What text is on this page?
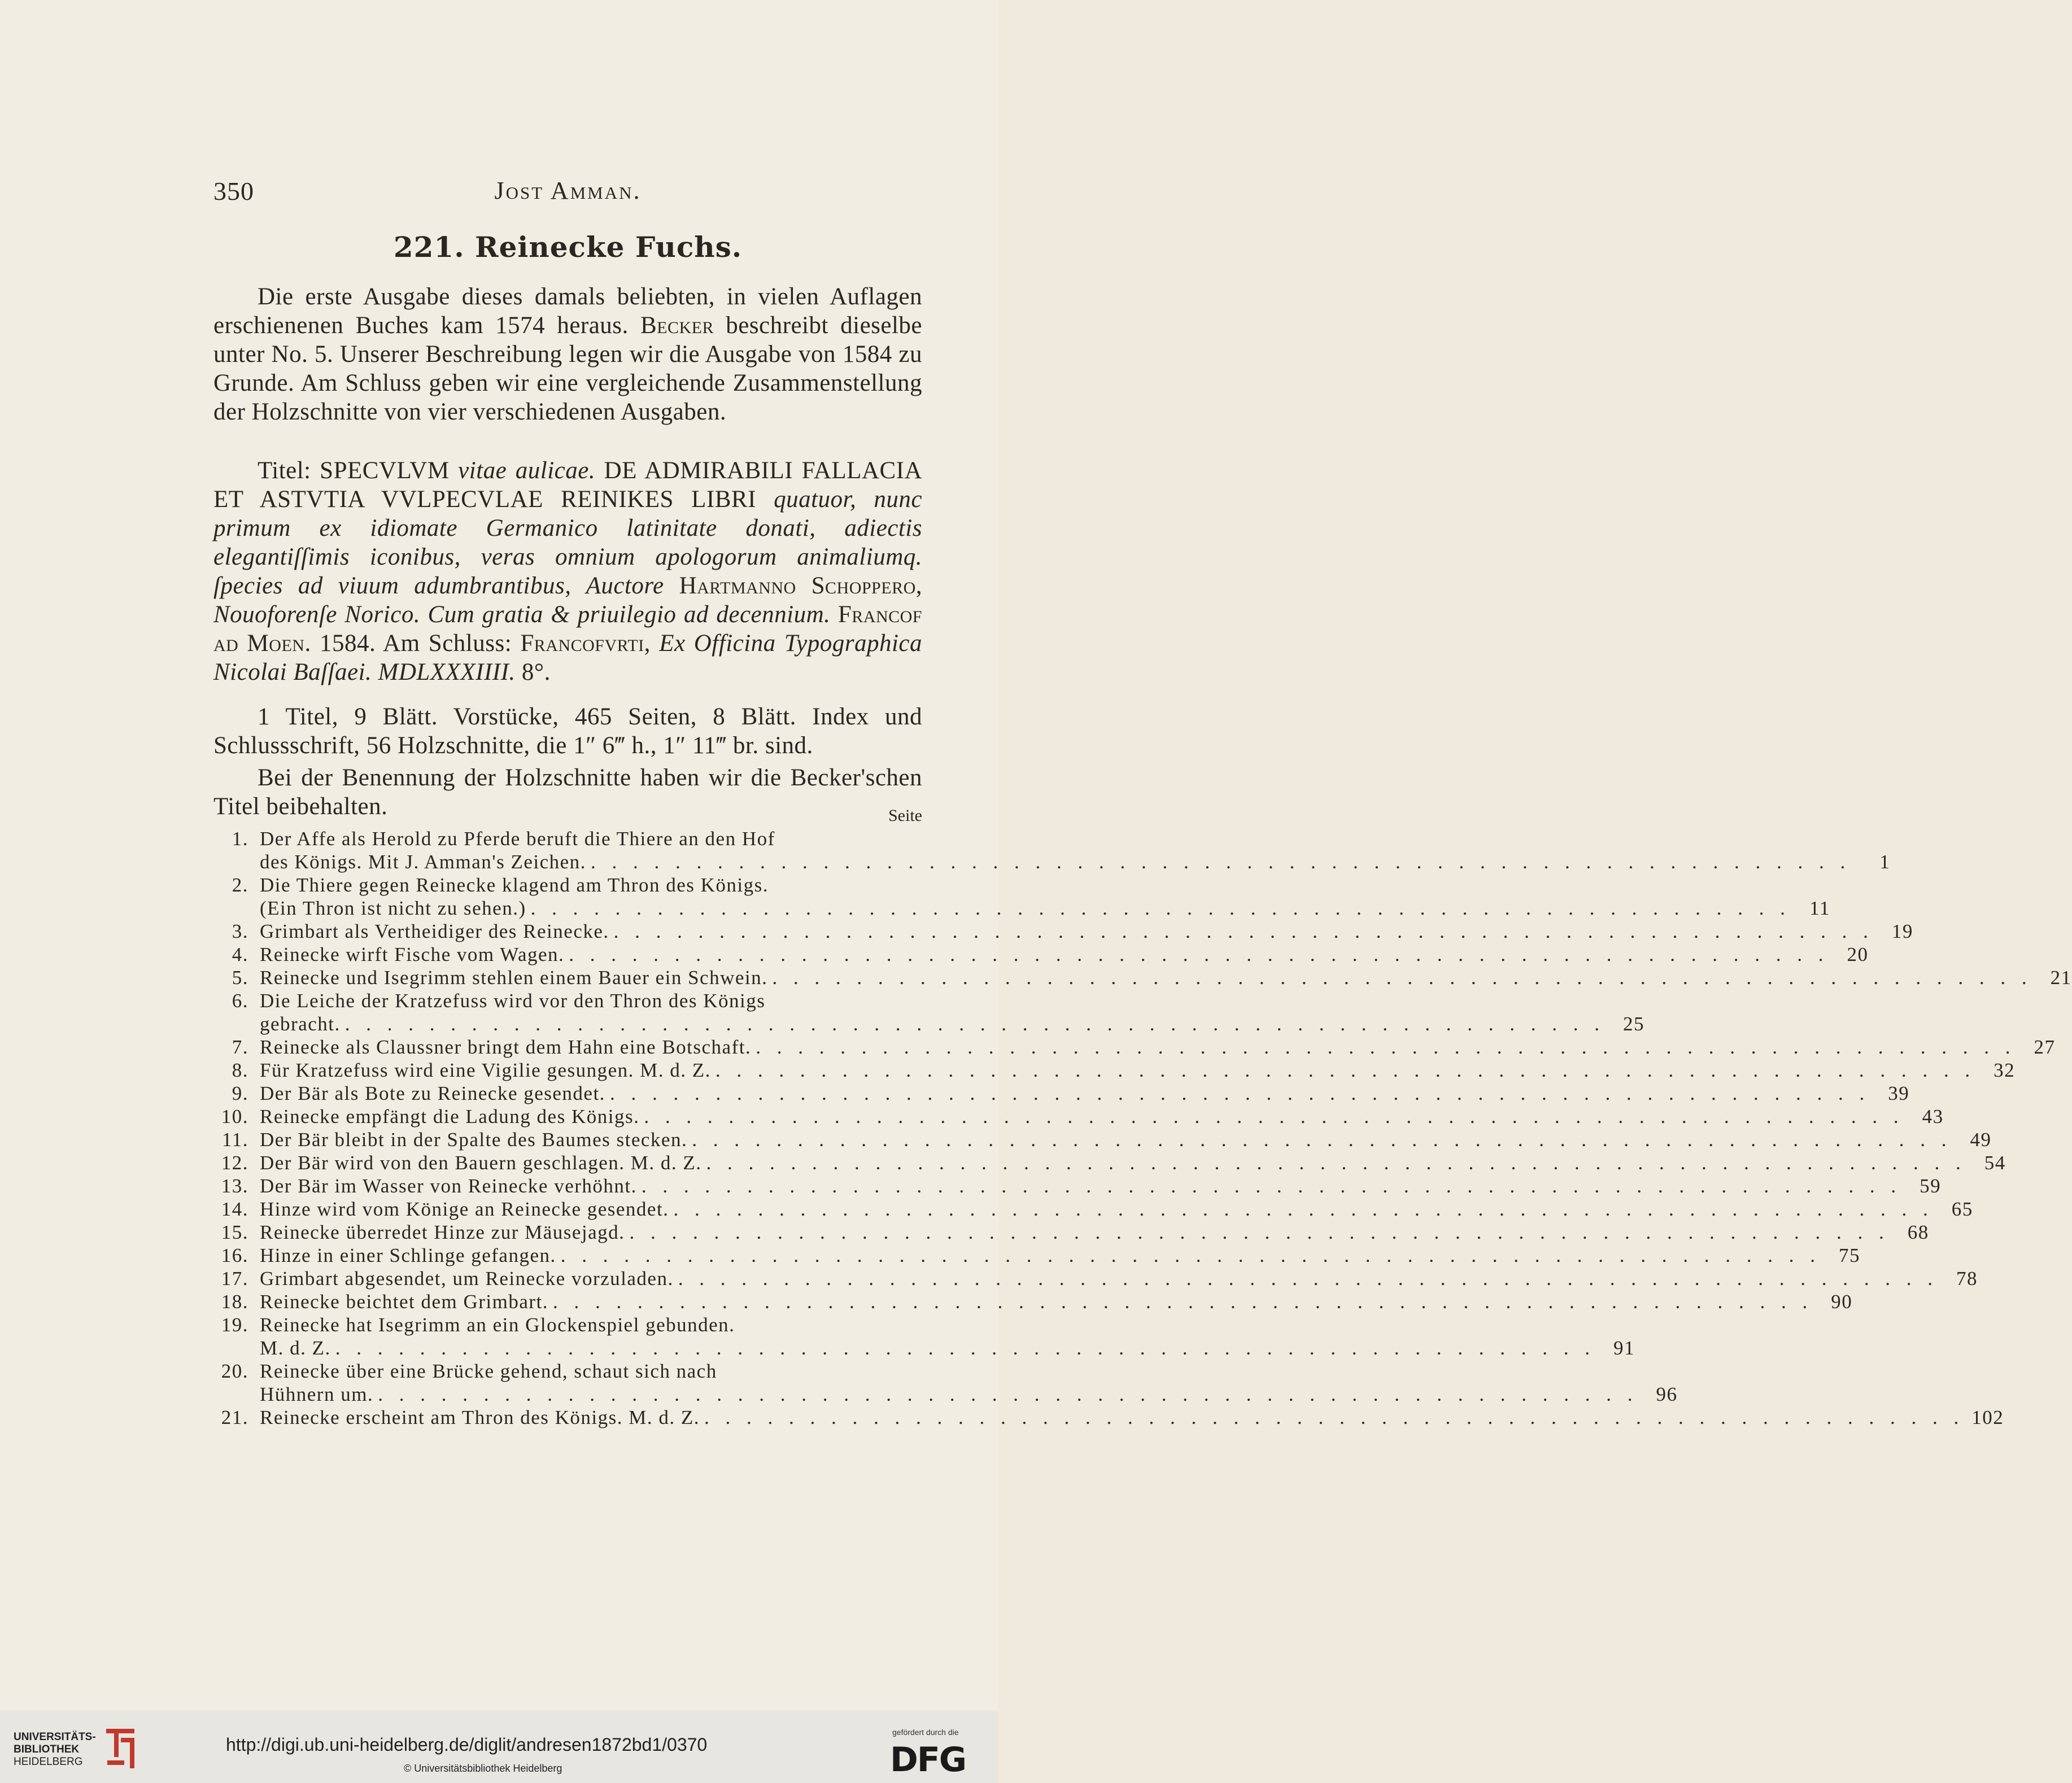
350	Jost Amman.
221. Reinecke Fuchs.

Die erste Ausgabe dieses damals beliebten, in vielen Auflagen erschienenen Buches kam 1574 heraus. Becker beschreibt dieselbe unter No. 5. Unserer Beschreibung legen wir die Ausgabe von 1584 zu Grunde. Am Schluss geben wir eine vergleichende Zusammenstellung der Holzschnitte von vier verschiedenen Ausgaben.

Titel: SPECVLVM vitae aulicae. DE ADMIRABILI FALLACIA ET ASTVTIA VVLPECVLAE REINIKES LIBRI quatuor, nunc primum ex idiomate Germanico latinitate donati, adiectis elegantiſſimis iconibus, veras omnium apologorum animaliumq. ſpecies ad viuum adumbrantibus, Auctore Hartmanno Schoppero, Nouoforenſe Norico. Cum gratia & priuilegio ad decennium. Francof ad Moen. 1584. Am Schluss: Francofvrti, Ex Officina Typographica Nicolai Baſſaei. MDLXXXIIII. 8°.

1 Titel, 9 Blätt. Vorstücke, 465 Seiten, 8 Blätt. Index und Schlussschrift, 56 Holzschnitte, die 1″ 6‴ h., 1″ 11‴ br. sind.

Bei der Benennung der Holzschnitte haben wir die Becker'schen Titel beibehalten.	Seite
1. Der Affe als Herold zu Pferde beruft die Thiere an den Hof
des Königs. Mit J. Amman's Zeichen. . . . . . . . . . . . . . . . . . . . . . . . . . . . . . . . . . . . . . . . . . . . . . . . . . . . . . . . . . . . .	1
2. Die Thiere gegen Reinecke klagend am Thron des Königs.
(Ein Thron ist nicht zu sehen.) . . . . . . . . . . . . . . . . . . . . . . . . . . . . . . . . . . . . . . . . . . . . . . . . . . . . . . . . . . . . 11
3. Grimbart als Vertheidiger des Reinecke. . . . . . . . . . . . . . . . . . . . . . . . . . . . . . . . . . . . . . . . . . . . . . . . . . . . . . . . . . . . . 19
4. Reinecke wirft Fische vom Wagen. . . . . . . . . . . . . . . . . . . . . . . . . . . . . . . . . . . . . . . . . . . . . . . . . . . . . . . . . . . . . 20
5. Reinecke und Isegrimm stehlen einem Bauer ein Schwein. . . . . . . . . . . . . . . . . . . . . . . . . . . . . . . . . . . . . . . . . . . . . . . . . . . . . . . . . . . . . 21
6. Die Leiche der Kratzefuss wird vor den Thron des Königs
gebracht. . . . . . . . . . . . . . . . . . . . . . . . . . . . . . . . . . . . . . . . . . . . . . . . . . . . . . . . . . . . . 25
7. Reinecke als Claussner bringt dem Hahn eine Botschaft. . . . . . . . . . . . . . . . . . . . . . . . . . . . . . . . . . . . . . . . . . . . . . . . . . . . . . . . . . . . . 27
8. Für Kratzefuss wird eine Vigilie gesungen. M. d. Z. . . . . . . . . . . . . . . . . . . . . . . . . . . . . . . . . . . . . . . . . . . . . . . . . . . . . . . . . . . . . 32
9. Der Bär als Bote zu Reinecke gesendet. . . . . . . . . . . . . . . . . . . . . . . . . . . . . . . . . . . . . . . . . . . . . . . . . . . . . . . . . . . . . 39
10. Reinecke empfängt die Ladung des Königs. . . . . . . . . . . . . . . . . . . . . . . . . . . . . . . . . . . . . . . . . . . . . . . . . . . . . . . . . . . . . 43
11. Der Bär bleibt in der Spalte des Baumes stecken. . . . . . . . . . . . . . . . . . . . . . . . . . . . . . . . . . . . . . . . . . . . . . . . . . . . . . . . . . . . . 49
12. Der Bär wird von den Bauern geschlagen. M. d. Z. . . . . . . . . . . . . . . . . . . . . . . . . . . . . . . . . . . . . . . . . . . . . . . . . . . . . . . . . . . . . 54
13. Der Bär im Wasser von Reinecke verhöhnt. . . . . . . . . . . . . . . . . . . . . . . . . . . . . . . . . . . . . . . . . . . . . . . . . . . . . . . . . . . . . 59
14. Hinze wird vom Könige an Reinecke gesendet. . . . . . . . . . . . . . . . . . . . . . . . . . . . . . . . . . . . . . . . . . . . . . . . . . . . . . . . . . . . . 65
15. Reinecke überredet Hinze zur Mäusejagd. . . . . . . . . . . . . . . . . . . . . . . . . . . . . . . . . . . . . . . . . . . . . . . . . . . . . . . . . . . . . 68
16. Hinze in einer Schlinge gefangen. . . . . . . . . . . . . . . . . . . . . . . . . . . . . . . . . . . . . . . . . . . . . . . . . . . . . . . . . . . . . 75
17. Grimbart abgesendet, um Reinecke vorzuladen. . . . . . . . . . . . . . . . . . . . . . . . . . . . . . . . . . . . . . . . . . . . . . . . . . . . . . . . . . . . . 78
18. Reinecke beichtet dem Grimbart. . . . . . . . . . . . . . . . . . . . . . . . . . . . . . . . . . . . . . . . . . . . . . . . . . . . . . . . . . . . . 90
19. Reinecke hat Isegrimm an ein Glockenspiel gebunden.
M. d. Z. . . . . . . . . . . . . . . . . . . . . . . . . . . . . . . . . . . . . . . . . . . . . . . . . . . . . . . . . . . . . 91
20. Reinecke über eine Brücke gehend, schaut sich nach
Hühnern um. . . . . . . . . . . . . . . . . . . . . . . . . . . . . . . . . . . . . . . . . . . . . . . . . . . . . . . . . . . . . 96
21. Reinecke erscheint am Thron des Königs. M. d. Z. . . . . . . . . . . . . . . . . . . . . . . . . . . . . . . . . . . . . . . . . . . . . . . . . . . . . . . . . . . . . 102
UNIVERSITÄTS-
BIBLIOTHEK
HEIDELBERG
http://digi.ub.uni-heidelberg.de/diglit/andresen1872bd1/0370
© Universitätsbibliothek Heidelberg
gefördert durch die
DFG
